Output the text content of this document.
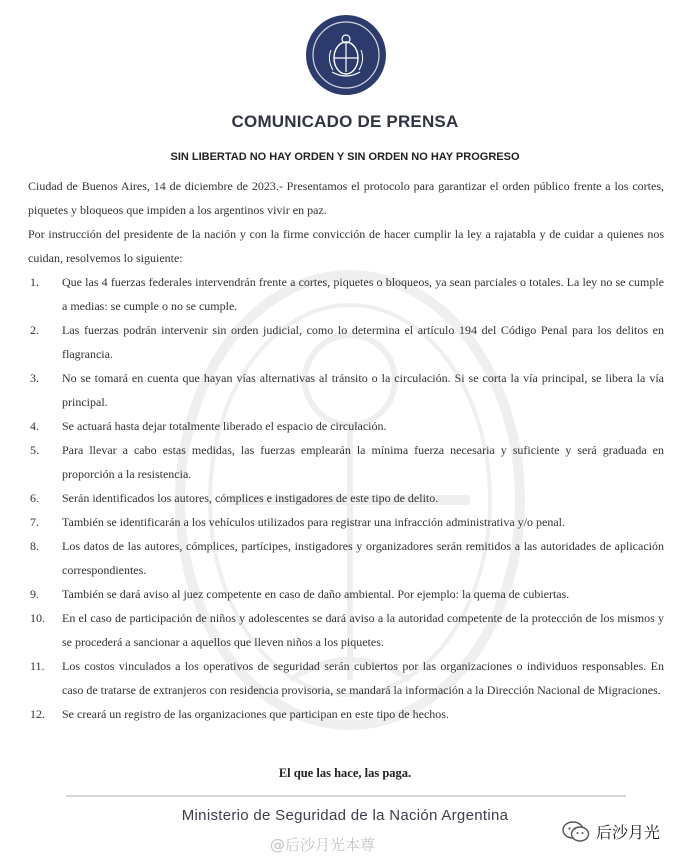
COMUNICADO DE PRENSA
SIN LIBERTAD NO HAY ORDEN Y SIN ORDEN NO HAY PROGRESO

Ciudad de Buenos Aires, 14 de diciembre de 2023.- Presentamos el protocolo para garantizar el orden público frente a los cortes, piquetes y bloqueos que impiden a los argentinos vivir en paz.

Por instrucción del presidente de la nación y con la firme convicción de hacer cumplir la ley a rajatabla y de cuidar a quienes nos cuidan, resolvemos lo siguiente:

1. Que las 4 fuerzas federales intervendrán frente a cortes, piquetes o bloqueos, ya sean parciales o totales. La ley no se cumple a medias: se cumple o no se cumple.
2. Las fuerzas podrán intervenir sin orden judicial, como lo determina el artículo 194 del Código Penal para los delitos en flagrancia.
3. No se tomará en cuenta que hayan vías alternativas al tránsito o la circulación. Si se corta la vía principal, se libera la vía principal.
4. Se actuará hasta dejar totalmente liberado el espacio de circulación.
5. Para llevar a cabo estas medidas, las fuerzas emplearán la mínima fuerza necesaria y suficiente y será graduada en proporción a la resistencia.
6. Serán identificados los autores, cómplices e instigadores de este tipo de delito.
7. También se identificarán a los vehículos utilizados para registrar una infracción administrativa y/o penal.
8. Los datos de las autores, cómplices, partícipes, instigadores y organizadores serán remitidos a las autoridades de aplicación correspondientes.
9. También se dará aviso al juez competente en caso de daño ambiental. Por ejemplo: la quema de cubiertas.
10. En el caso de participación de niños y adolescentes se dará aviso a la autoridad competente de la protección de los mismos y se procederá a sancionar a aquellos que lleven niños a los piquetes.
11. Los costos vinculados a los operativos de seguridad serán cubiertos por las organizaciones o individuos responsables. En caso de tratarse de extranjeros con residencia provisoria, se mandará la información a la Dirección Nacional de Migraciones.
12. Se creará un registro de las organizaciones que participan en este tipo de hechos.
El que las hace, las paga.
Ministerio de Seguridad de la Nación Argentina
@后沙月光本尊
后沙月光
